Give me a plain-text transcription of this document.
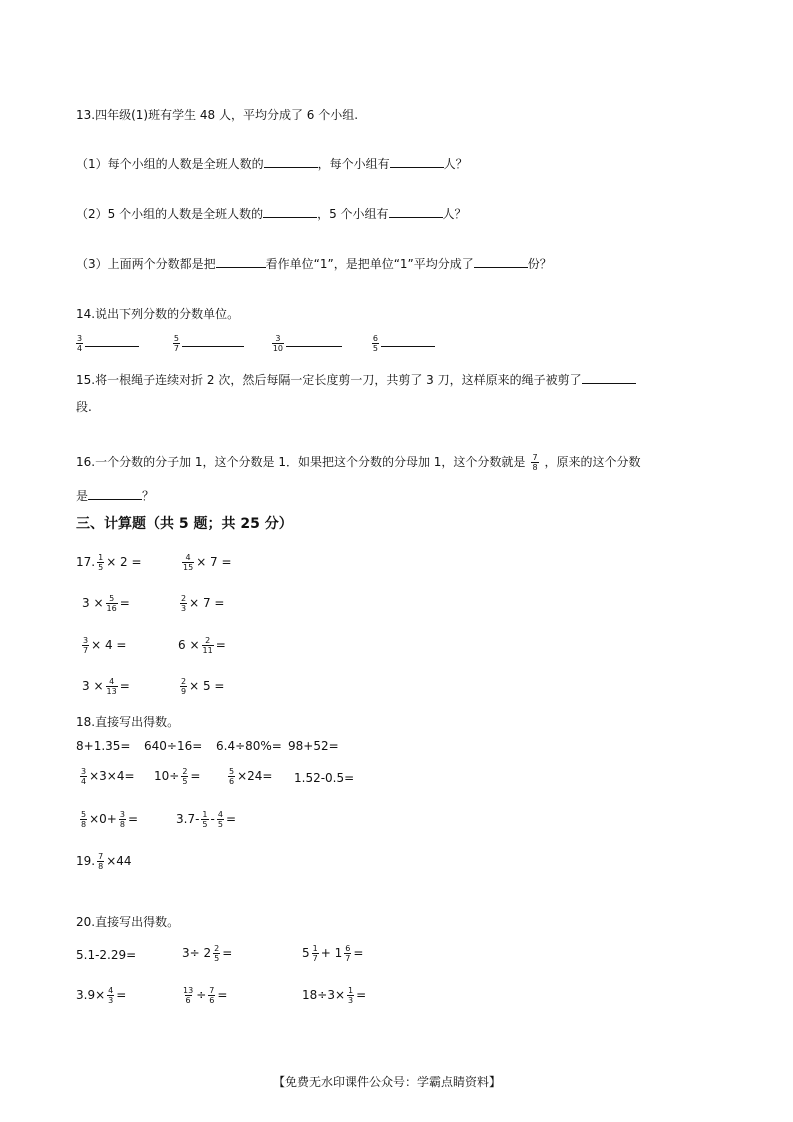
13.四年级(1)班有学生 48 人，平均分成了 6 个小组.
（1）每个小组的人数是全班人数的	，每个小组有	人？
（2）5 个小组的人数是全班人数的	，5 个小组有	人？
（3）上面两个分数都是把	看作单位“1”，是把单位“1”平均分成了	份？
14.说出下列分数的分数单位。
$\frac{3}{4}$
	$\frac{5}{7}$
	$\frac{3}{10}$
	$\frac{6}{5}$
15.将一根绳子连续对折 2 次，然后每隔一定长度剪一刀，共剪了 3 刀，这样原来的绳子被剪了
段.
16.一个分数的分子加 1，这个分数是 1．如果把这个分数的分母加 1，这个分数就是 $\frac{7}{8}$ ，原来的这个分数
是	？
三、计算题（共 5 题；共 25 分）
17. $\frac{1}{5} \times 2$ =	$\frac{4}{15} \times 7$ =
$3 \times \frac{5}{16}$ =	$\frac{2}{3} \times 7$ =
$\frac{3}{7} \times 4$ =	$6 \times \frac{2}{11}$ =
$3 \times \frac{4}{13}$ =	$\frac{2}{9} \times 5$ =
18.直接写出得数。
8+1.35= 640÷16= 6.4÷80%= 98+52=
$\frac{3}{4} \times 3\times 4= 10\div \frac{2}{5}$ =	$\frac{5}{6} \times 24= 1.52-0.5=$
$\frac{5}{8} \times 0+ \frac{3}{8}$ =	$3.7- \frac{1}{5} - \frac{4}{5}$ =
19. $\frac{7}{8} \times 44$
20.直接写出得数。
5.1-2.29=	$3\div 2 \frac{2}{5}$ =	$5 \frac{1}{7} + 1 \frac{6}{7}$ =
$3.9\times \frac{4}{3}$ =	$\frac{13}{6} \div \frac{7}{6}$ =	$18\div 3\times \frac{1}{3}$ =
【免费无水印课件公众号：学霸点睛资料】
